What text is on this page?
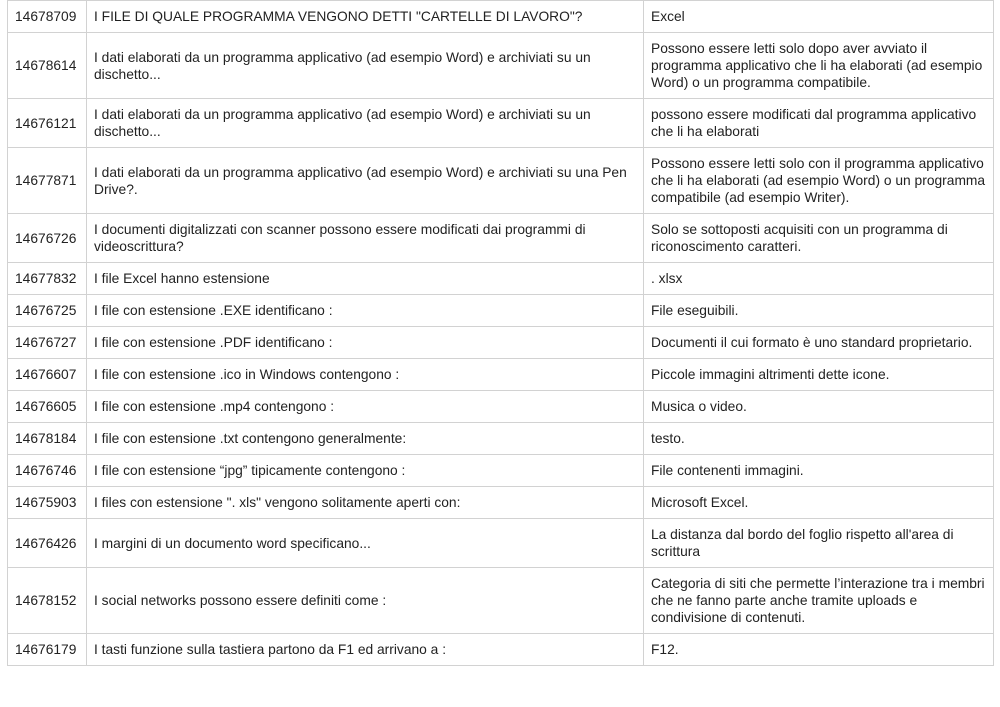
14678709	I FILE DI QUALE PROGRAMMA VENGONO DETTI "CARTELLE DI LAVORO"?	Excel
14678614	I dati elaborati da un programma applicativo (ad esempio Word) e archiviati su un dischetto...	Possono essere letti solo dopo aver avviato il programma applicativo che li ha elaborati (ad esempio Word) o un programma compatibile.
14676121	I dati elaborati da un programma applicativo (ad esempio Word) e archiviati su un dischetto...	possono essere modificati dal programma applicativo che li ha elaborati
14677871	I dati elaborati da un programma applicativo (ad esempio Word) e archiviati su una Pen Drive?.	Possono essere letti solo con il programma applicativo che li ha elaborati (ad esempio Word) o un programma compatibile (ad esempio Writer).
14676726	I documenti digitalizzati con scanner possono essere modificati dai programmi di videoscrittura?	Solo se sottoposti acquisiti con un programma di riconoscimento caratteri.
14677832	I file Excel hanno estensione	. xlsx
14676725	I file con estensione .EXE identificano :	File eseguibili.
14676727	I file con estensione .PDF identificano :	Documenti il cui formato è uno standard proprietario.
14676607	I file con estensione .ico in Windows contengono :	Piccole immagini altrimenti dette icone.
14676605	I file con estensione .mp4 contengono :	Musica o video.
14678184	I file con estensione .txt contengono generalmente:	testo.
14676746	I file con estensione “jpg” tipicamente contengono :	File contenenti immagini.
14675903	I files con estensione ". xls" vengono solitamente aperti con:	Microsoft Excel.
14676426	I margini di un documento word specificano...	La distanza dal bordo del foglio rispetto all'area di scrittura
14678152	I social networks possono essere definiti come :	Categoria di siti che permette l’interazione tra i membri che ne fanno parte anche tramite uploads e condivisione di contenuti.
14676179	I tasti funzione sulla tastiera partono da F1 ed arrivano a :	F12.
